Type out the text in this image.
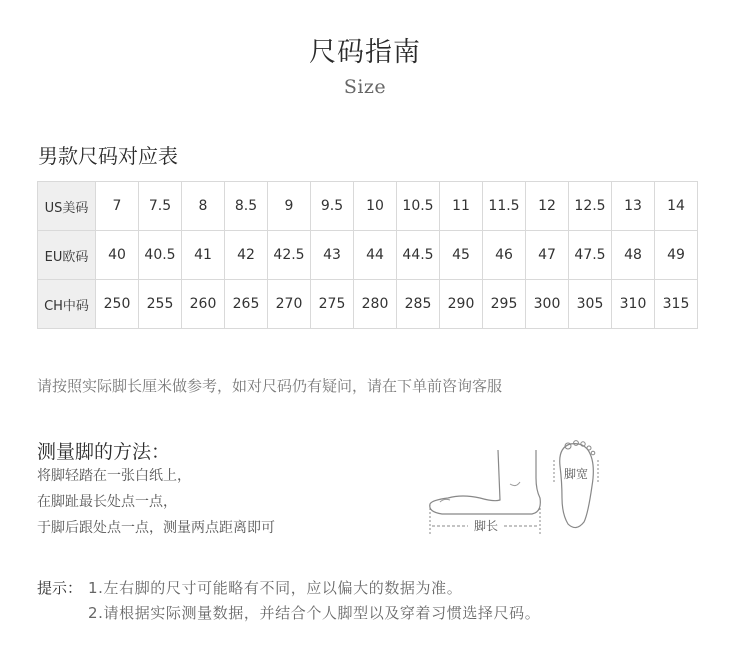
尺码指南
Size
男款尺码对应表
US美码	7	7.5	8	8.5	9	9.5	10	10.5	11	11.5	12	12.5	13	14
EU欧码	40	40.5	41	42	42.5	43	44	44.5	45	46	47	47.5	48	49
CH中码	250	255	260	265	270	275	280	285	290	295	300	305	310	315
请按照实际脚长厘米做参考，如对尺码仍有疑问，请在下单前咨询客服
测量脚的方法：
将脚轻踏在一张白纸上，
在脚趾最长处点一点，
于脚后跟处点一点，测量两点距离即可	脚长
脚宽
提示： 1.左右脚的尺寸可能略有不同，应以偏大的数据为准。
2.请根据实际测量数据，并结合个人脚型以及穿着习惯选择尺码。
